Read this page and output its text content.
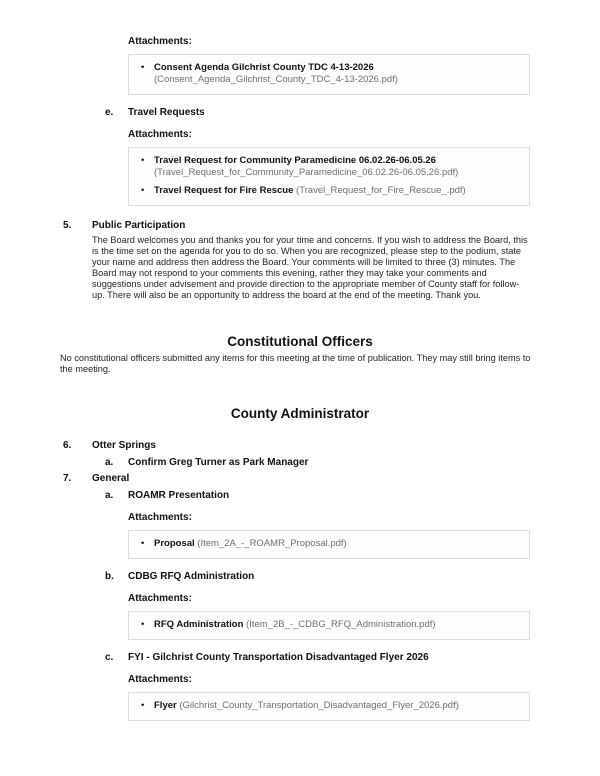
Attachments:
•	Consent Agenda Gilchrist County TDC 4-13-2026 (Consent_Agenda_Gilchrist_County_TDC_4-13-2026.pdf)
e.	Travel Requests
Attachments:
•	Travel Request for Community Paramedicine 06.02.26-06.05.26 (Travel_Request_for_Community_Paramedicine_06.02.26-06.05.26.pdf)
•	Travel Request for Fire Rescue (Travel_Request_for_Fire_Rescue_.pdf)
5.	Public Participation
The Board welcomes you and thanks you for your time and concerns. If you wish to address the Board, this is the time set on the agenda for you to do so. When you are recognized, please step to the podium, state your name and address then address the Board. Your comments will be limited to three (3) minutes. The Board may not respond to your comments this evening, rather they may take your comments and suggestions under advisement and provide direction to the appropriate member of County staff for follow-up. There will also be an opportunity to address the board at the end of the meeting. Thank you.
Constitutional Officers
No constitutional officers submitted any items for this meeting at the time of publication. They may still bring items to the meeting.
County Administrator
6.	Otter Springs
a.	Confirm Greg Turner as Park Manager
7.	General
a.	ROAMR Presentation
Attachments:
•	Proposal (Item_2A_-_ROAMR_Proposal.pdf)
b.	CDBG RFQ Administration
Attachments:
•	RFQ Administration (Item_2B_-_CDBG_RFQ_Administration.pdf)
c.	FYI - Gilchrist County Transportation Disadvantaged Flyer 2026
Attachments:
•	Flyer (Gilchrist_County_Transportation_Disadvantaged_Flyer_2026.pdf)
